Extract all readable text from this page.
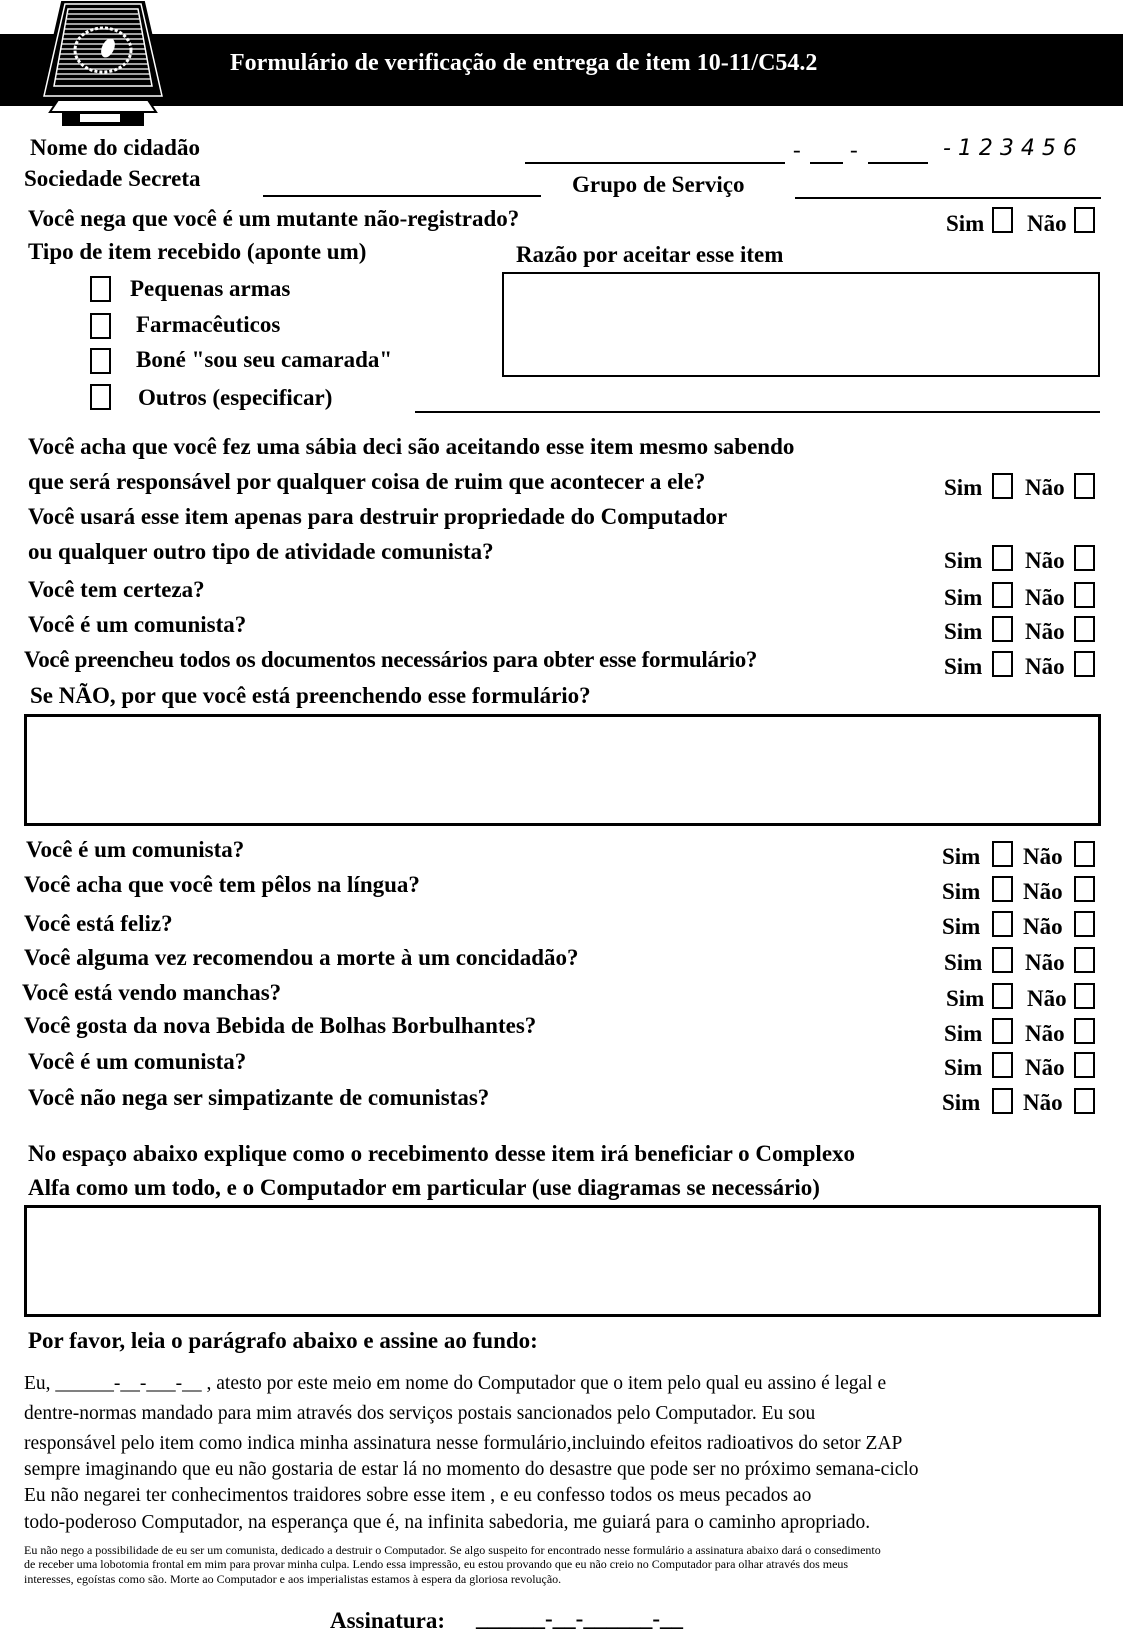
Formulário de verificação de entrega de item 10-11/C54.2
Nome do cidadão	- -	-123456
Sociedade Secreta	Grupo de Serviço
Você nega que você é um mutante não-registrado?	Sim Não
Tipo de item recebido (aponte um)	Razão por aceitar esse item
Pequenas armas
Farmacêuticos
Boné "sou seu camarada"
Outros (especificar)
Você acha que você fez uma sábia deci são aceitando esse item mesmo sabendo
que será responsável por qualquer coisa de ruim que acontecer a ele?	Sim Não
Você usará esse item apenas para destruir propriedade do Computador
ou qualquer outro tipo de atividade comunista?	Sim Não
Você tem certeza?	Sim Não
Você é um comunista?	Sim Não
Você preencheu todos os documentos necessários para obter esse formulário?	Sim Não
Se NÃO, por que você está preenchendo esse formulário?
Você é um comunista?	Sim Não
Você acha que você tem pêlos na língua?	Sim Não
Você está feliz?	Sim Não
Você alguma vez recomendou a morte à um concidadão?	Sim Não
Você está vendo manchas?	Sim Não
Você gosta da nova Bebida de Bolhas Borbulhantes?	Sim Não
Você é um comunista?	Sim Não
Você não nega ser simpatizante de comunistas?	Sim Não
No espaço abaixo explique como o recebimento desse item irá beneficiar o Complexo
Alfa como um todo, e o Computador em particular (use diagramas se necessário)
Por favor, leia o parágrafo abaixo e assine ao fundo:
Eu, ______-__-___-__ , atesto por este meio em nome do Computador que o item pelo qual eu assino é legal e
dentre-normas mandado para mim através dos serviços postais sancionados pelo Computador. Eu sou
responsável pelo item como indica minha assinatura nesse formulário,incluindo efeitos radioativos do setor ZAP
sempre imaginando que eu não gostaria de estar lá no momento do desastre que pode ser no próximo semana-ciclo
Eu não negarei ter conhecimentos traidores sobre esse item , e eu confesso todos os meus pecados ao
todo-poderoso Computador, na esperança que é, na infinita sabedoria, me guiará para o caminho apropriado.
Eu não nego a possibilidade de eu ser um comunista, dedicado a destruir o Computador. Se algo suspeito for encontrado nesse formulário a assinatura abaixo dará o consedimento
de receber uma lobotomia frontal em mim para provar minha culpa. Lendo essa impressão, eu estou provando que eu não creio no Computador para olhar através dos meus
interesses, egoístas como são. Morte ao Computador e aos imperialistas estamos à espera da gloriosa revolução.
Assinatura: ______-__-______-__
